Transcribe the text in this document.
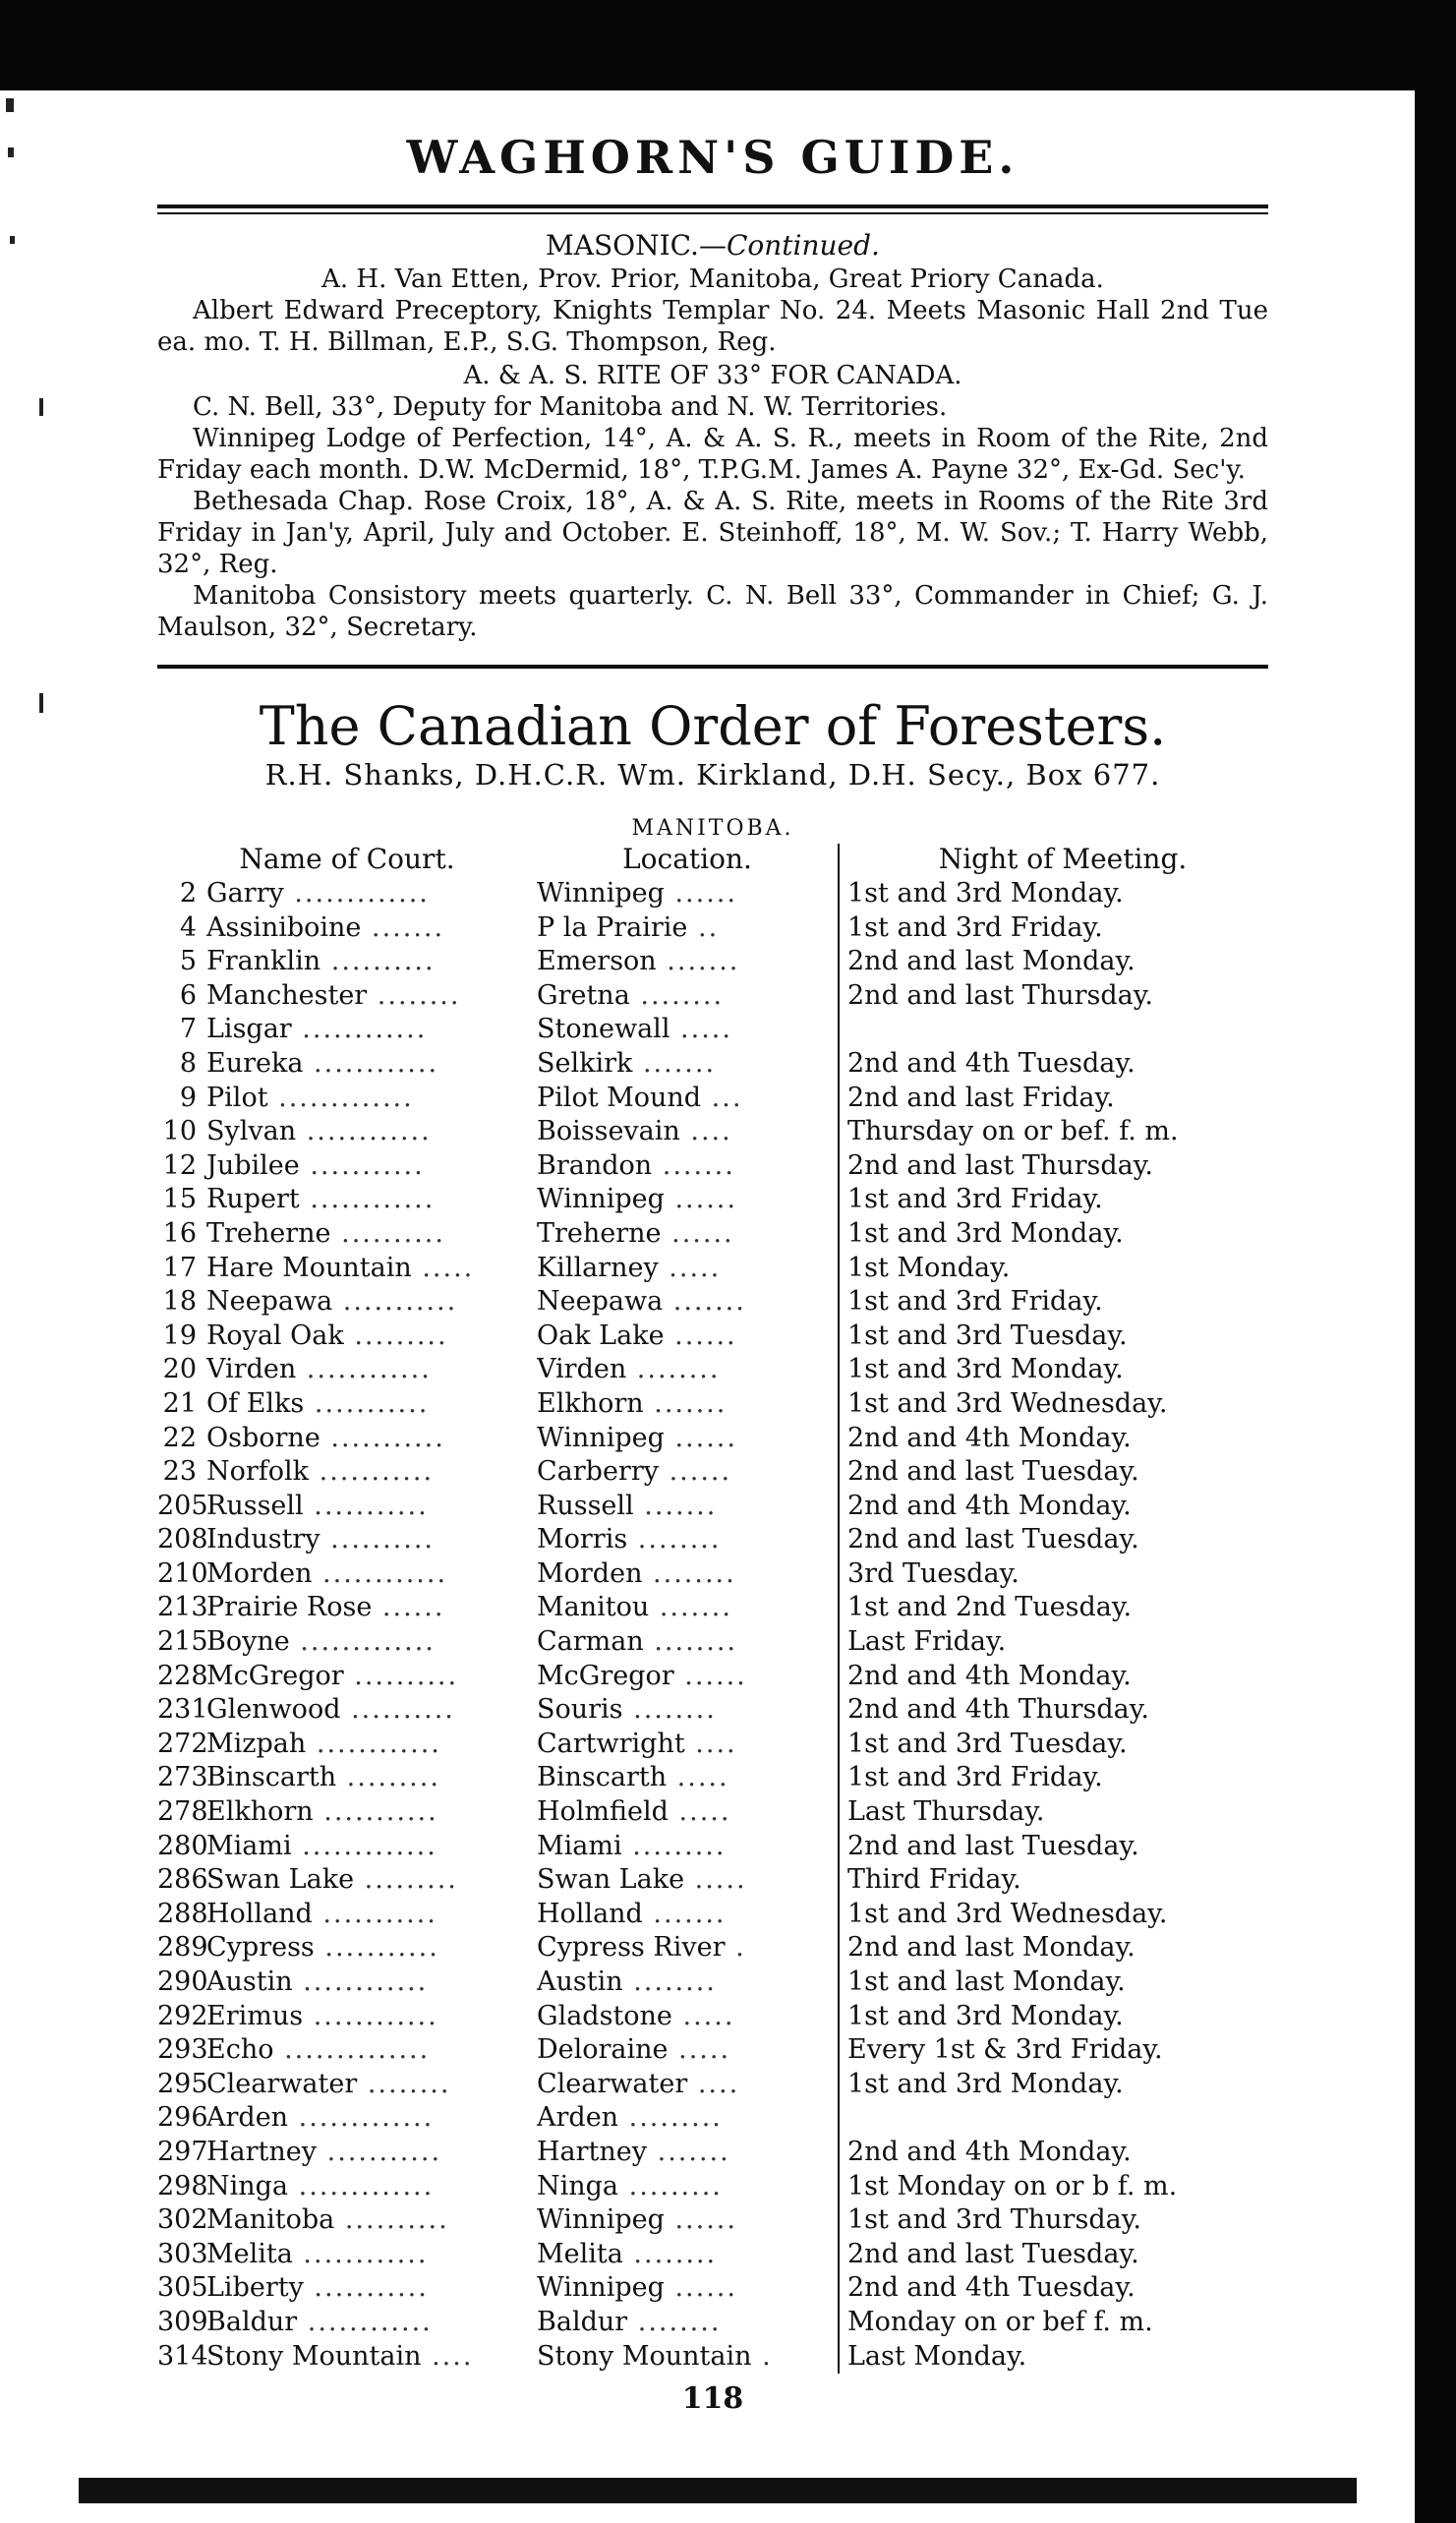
WAGHORN'S GUIDE.
MASONIC.—Continued.
A. H. Van Etten, Prov. Prior, Manitoba, Great Priory Canada.
Albert Edward Preceptory, Knights Templar No. 24. Meets Masonic Hall 2nd Tue ea. mo. T. H. Billman, E.P., S.G. Thompson, Reg.
A. & A. S. RITE OF 33° FOR CANADA.
C. N. Bell, 33°, Deputy for Manitoba and N. W. Territories.
Winnipeg Lodge of Perfection, 14°, A. & A. S. R., meets in Room of the Rite, 2nd Friday each month. D.W. McDermid, 18°, T.P.G.M. James A. Payne 32°, Ex-Gd. Sec'y.
Bethesada Chap. Rose Croix, 18°, A. & A. S. Rite, meets in Rooms of the Rite 3rd Friday in Jan'y, April, July and October. E. Steinhoff, 18°, M. W. Sov.; T. Harry Webb, 32°, Reg.
Manitoba Consistory meets quarterly. C. N. Bell 33°, Commander in Chief; G. J. Maulson, 32°, Secretary.
The Canadian Order of Foresters.
R.H. Shanks, D.H.C.R. Wm. Kirkland, D.H. Secy., Box 677.
MANITOBA.
Name of Court.	Location.	Night of Meeting.
2 Garry .............	Winnipeg ......	1st and 3rd Monday.
4 Assiniboine .......	P la Prairie ..	1st and 3rd Friday.
5 Franklin ..........	Emerson .......	2nd and last Monday.
6 Manchester ........	Gretna ........	2nd and last Thursday.
7 Lisgar ............	Stonewall .....	
8 Eureka ............	Selkirk .......	2nd and 4th Tuesday.
9 Pilot .............	Pilot Mound ...	2nd and last Friday.
10 Sylvan ............	Boissevain ....	Thursday on or bef. f. m.
12 Jubilee ...........	Brandon .......	2nd and last Thursday.
15 Rupert ............	Winnipeg ......	1st and 3rd Friday.
16 Treherne ..........	Treherne ......	1st and 3rd Monday.
17 Hare Mountain .....	Killarney .....	1st Monday.
18 Neepawa ...........	Neepawa .......	1st and 3rd Friday.
19 Royal Oak .........	Oak Lake ......	1st and 3rd Tuesday.
20 Virden ............	Virden ........	1st and 3rd Monday.
21 Of Elks ...........	Elkhorn .......	1st and 3rd Wednesday.
22 Osborne ...........	Winnipeg ......	2nd and 4th Monday.
23 Norfolk ...........	Carberry ......	2nd and last Tuesday.
205Russell ...........	Russell .......	2nd and 4th Monday.
208Industry ..........	Morris ........	2nd and last Tuesday.
210Morden ............	Morden ........	3rd Tuesday.
213Prairie Rose ......	Manitou .......	1st and 2nd Tuesday.
215Boyne .............	Carman ........	Last Friday.
228McGregor ..........	McGregor ......	2nd and 4th Monday.
231Glenwood ..........	Souris ........	2nd and 4th Thursday.
272Mizpah ............	Cartwright ....	1st and 3rd Tuesday.
273Binscarth .........	Binscarth .....	1st and 3rd Friday.
278Elkhorn ...........	Holmfield .....	Last Thursday.
280Miami .............	Miami .........	2nd and last Tuesday.
286Swan Lake .........	Swan Lake .....	Third Friday.
288Holland ...........	Holland .......	1st and 3rd Wednesday.
289Cypress ...........	Cypress River .	2nd and last Monday.
290Austin ............	Austin ........	1st and last Monday.
292Erimus ............	Gladstone .....	1st and 3rd Monday.
293Echo ..............	Deloraine .....	Every 1st & 3rd Friday.
295Clearwater ........	Clearwater ....	1st and 3rd Monday.
296Arden .............	Arden .........	
297Hartney ...........	Hartney .......	2nd and 4th Monday.
298Ninga .............	Ninga .........	1st Monday on or b f. m.
302Manitoba ..........	Winnipeg ......	1st and 3rd Thursday.
303Melita ............	Melita ........	2nd and last Tuesday.
305Liberty ...........	Winnipeg ......	2nd and 4th Tuesday.
309Baldur ............	Baldur ........	Monday on or bef f. m.
314Stony Mountain ....	Stony Mountain .	Last Monday.
118
